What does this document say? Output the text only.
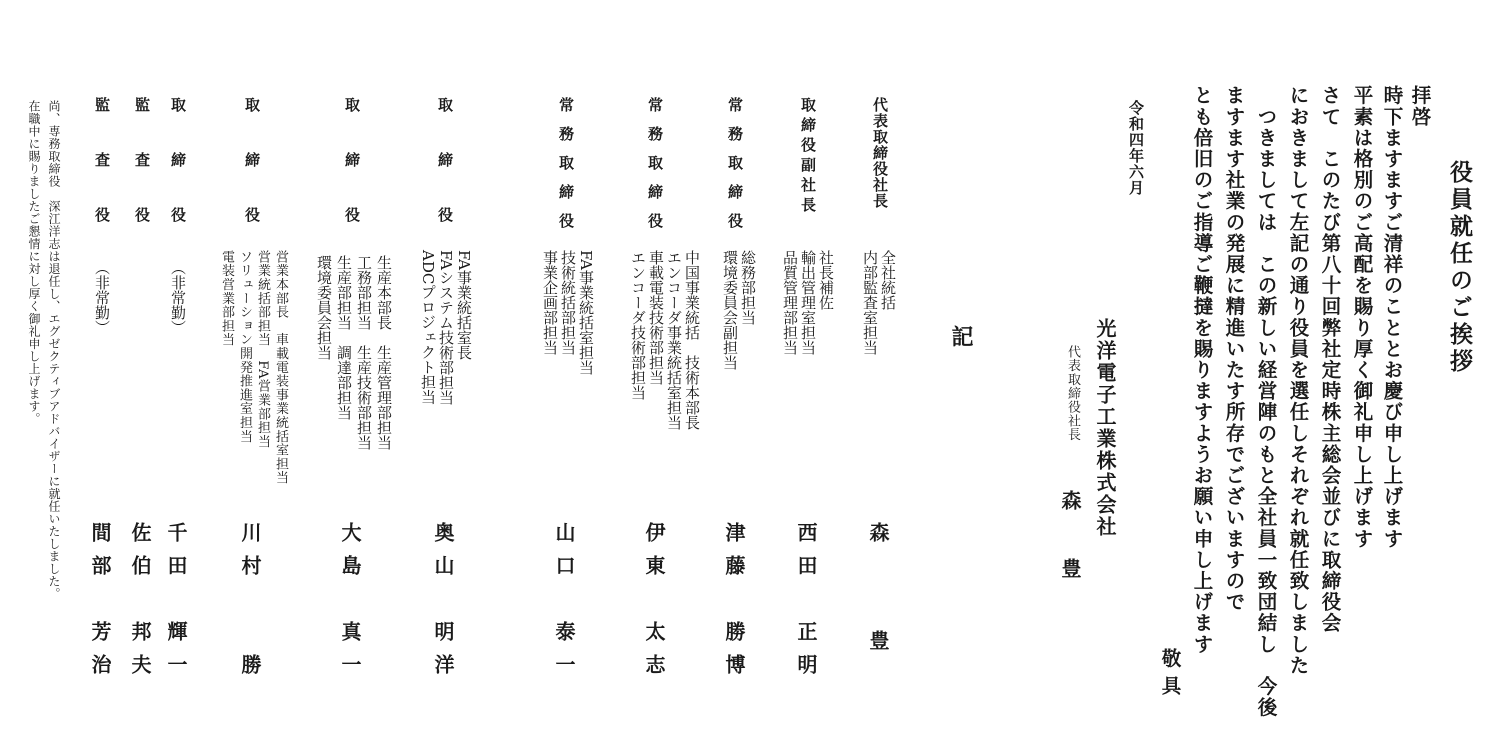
役員就任のご挨拶
拝啓
時下ますますご清祥のこととお慶び申し上げます
平素は格別のご高配を賜り厚く御礼申し上げます
さて　このたび第八十回弊社定時株主総会並びに取締役会
におきまして左記の通り役員を選任しそれぞれ就任致しました
　つきましては　この新しい経営陣のもと全社員一致団結し　今後
ますます社業の発展に精進いたす所存でございますので
とも倍旧のご指導ご鞭撻を賜りますようお願い申し上げます
敬具
令和四年六月
光洋電子工業株式会社
代表取締役社長
森　豊
記
代表取締役社長
全社統括
内部監査室担当
森　　豊
取締役副社長
社長補佐
輸出管理室担当
品質管理部担当
西田　正明
常務取締役
総務部担当
環境委員会副担当
津藤　勝博
常務取締役
中国事業統括　技術本部長
エンコーダ事業統括室担当
車載電装技術部担当
エンコーダ技術部担当
伊東　太志
常務取締役
FA事業統括室担当
技術統括部担当
事業企画部担当
山口　泰一
取締役
FA事業統括室長
FAシステム技術部担当
ADCプロジェクト担当
奥山　明洋
取締役
生産本部長　生産管理部担当
工務部担当　生産技術部担当
生産部担当　調達部担当
環境委員会担当
大島　真一
取締役
営業本部長　車載電装事業統括室担当
営業統括部担当　FA営業部担当
ソリューション開発推進室担当
電装営業部担当
川村　　勝
取締役
（非常勤）
千田　輝一
監査役
佐伯　邦夫
監査役
（非常勤）
間部　芳治
尚、専務取締役　深江洋志は退任し、エグゼクティブアドバイザーに就任いたしました。
在職中に賜りましたご懇情に対し厚く御礼申し上げます。
